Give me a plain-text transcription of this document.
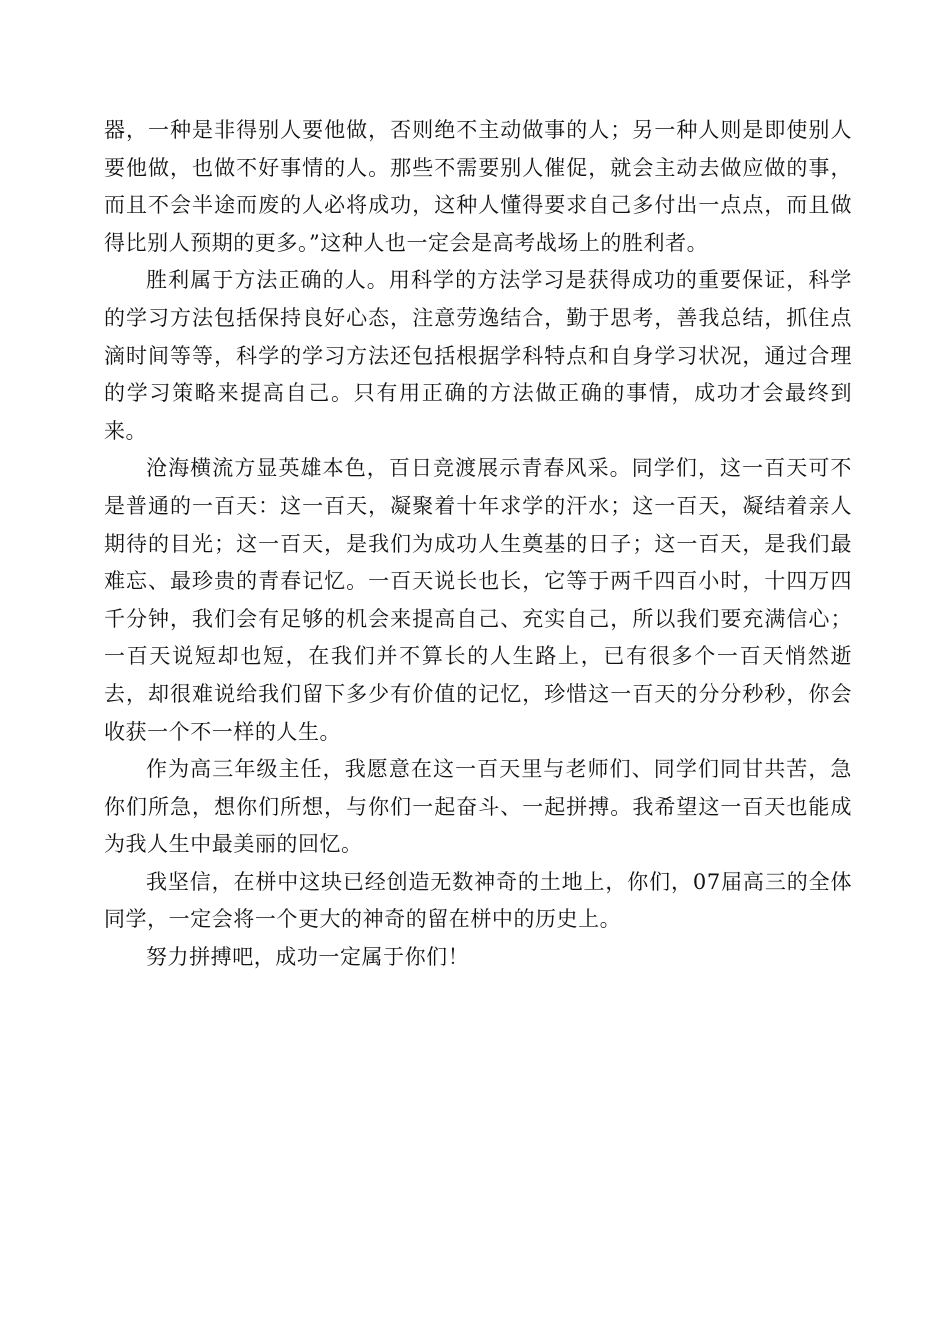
器，一种是非得别人要他做，否则绝不主动做事的人；另一种人则是即使别人要他做，也做不好事情的人。那些不需要别人催促，就会主动去做应做的事，而且不会半途而废的人必将成功，这种人懂得要求自己多付出一点点，而且做得比别人预期的更多。”这种人也一定会是高考战场上的胜利者。

胜利属于方法正确的人。用科学的方法学习是获得成功的重要保证，科学的学习方法包括保持良好心态，注意劳逸结合，勤于思考，善我总结，抓住点滴时间等等，科学的学习方法还包括根据学科特点和自身学习状况，通过合理的学习策略来提高自己。只有用正确的方法做正确的事情，成功才会最终到来。

沧海横流方显英雄本色，百日竞渡展示青春风采。同学们，这一百天可不是普通的一百天：这一百天，凝聚着十年求学的汗水；这一百天，凝结着亲人期待的目光；这一百天，是我们为成功人生奠基的日子；这一百天，是我们最难忘、最珍贵的青春记忆。一百天说长也长，它等于两千四百小时，十四万四千分钟，我们会有足够的机会来提高自己、充实自己，所以我们要充满信心；一百天说短却也短，在我们并不算长的人生路上，已有很多个一百天悄然逝去，却很难说给我们留下多少有价值的记忆，珍惜这一百天的分分秒秒，你会收获一个不一样的人生。

作为高三年级主任，我愿意在这一百天里与老师们、同学们同甘共苦，急你们所急，想你们所想，与你们一起奋斗、一起拼搏。我希望这一百天也能成为我人生中最美丽的回忆。

我坚信，在栟中这块已经创造无数神奇的土地上，你们，07届高三的全体同学，一定会将一个更大的神奇的留在栟中的历史上。

努力拼搏吧，成功一定属于你们！
